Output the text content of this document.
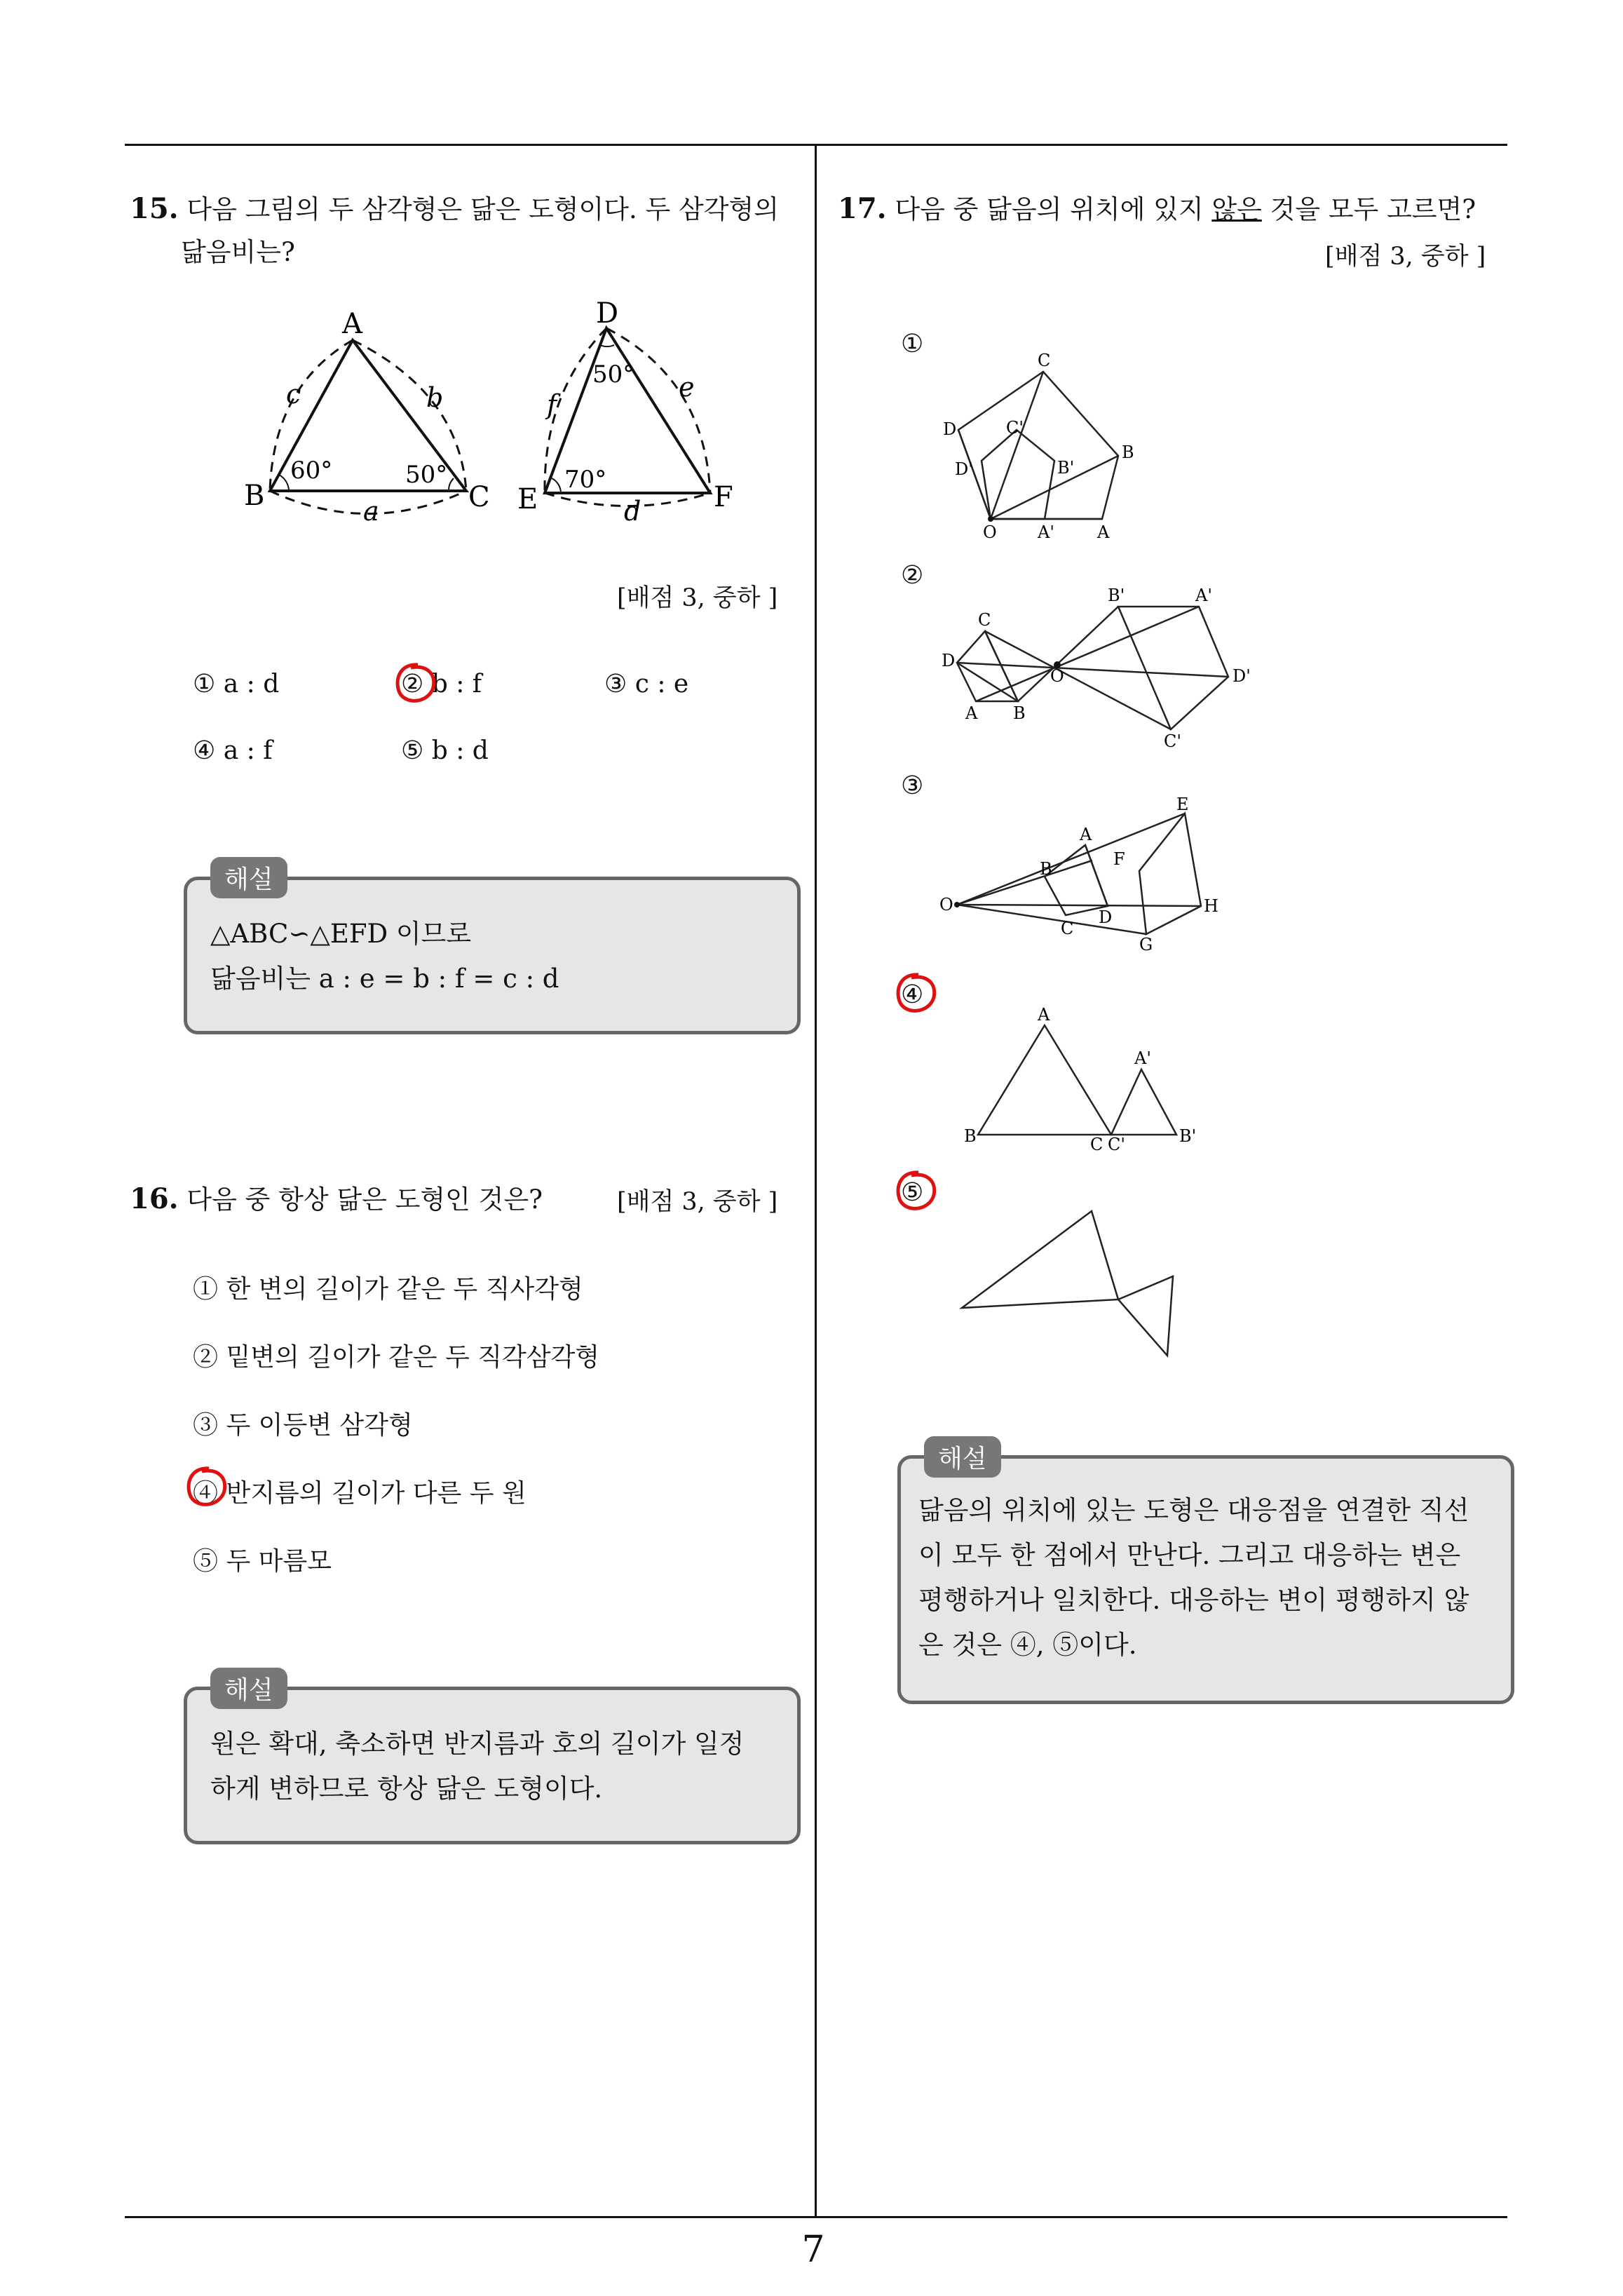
7
15. 다음 그림의 두 삼각형은 닮은 도형이다. 두 삼각형의
닮음비는?
A
B	C
c	b
a
60°	50°
D
E	F
f
e
d
50°
70°
[배점 3, 중하 ]
① a : d	② b : f	③ c : e
④ a : f	⑤ b : d
해설
△ABC∽△EFD 이므로
닮음비는 a : e = b : f = c : d
16. 다음 중 항상 닮은 도형인 것은?	[배점 3, 중하 ]
① 한 변의 길이가 같은 두 직사각형
② 밑변의 길이가 같은 두 직각삼각형
③ 두 이등변 삼각형
④ 반지름의 길이가 다른 두 원
⑤ 두 마름모
해설
원은 확대, 축소하면 반지름과 호의 길이가 일정
하게 변하므로 항상 닮은 도형이다.
17. 다음 중 닮음의 위치에 있지 않은 것을 모두 고르면?
[배점 3, 중하 ]
①
C
D	C'
B
D'	B'
O A'	A
②
B'	A'
C
D
O	D'
A B
C'
③
E
A
F
B
O
D
H
C
G
④
A
A'
B	C C'	B'
⑤
해설
닮음의 위치에 있는 도형은 대응점을 연결한 직선
이 모두 한 점에서 만난다. 그리고 대응하는 변은
평행하거나 일치한다. 대응하는 변이 평행하지 않
은 것은 ④, ⑤이다.
